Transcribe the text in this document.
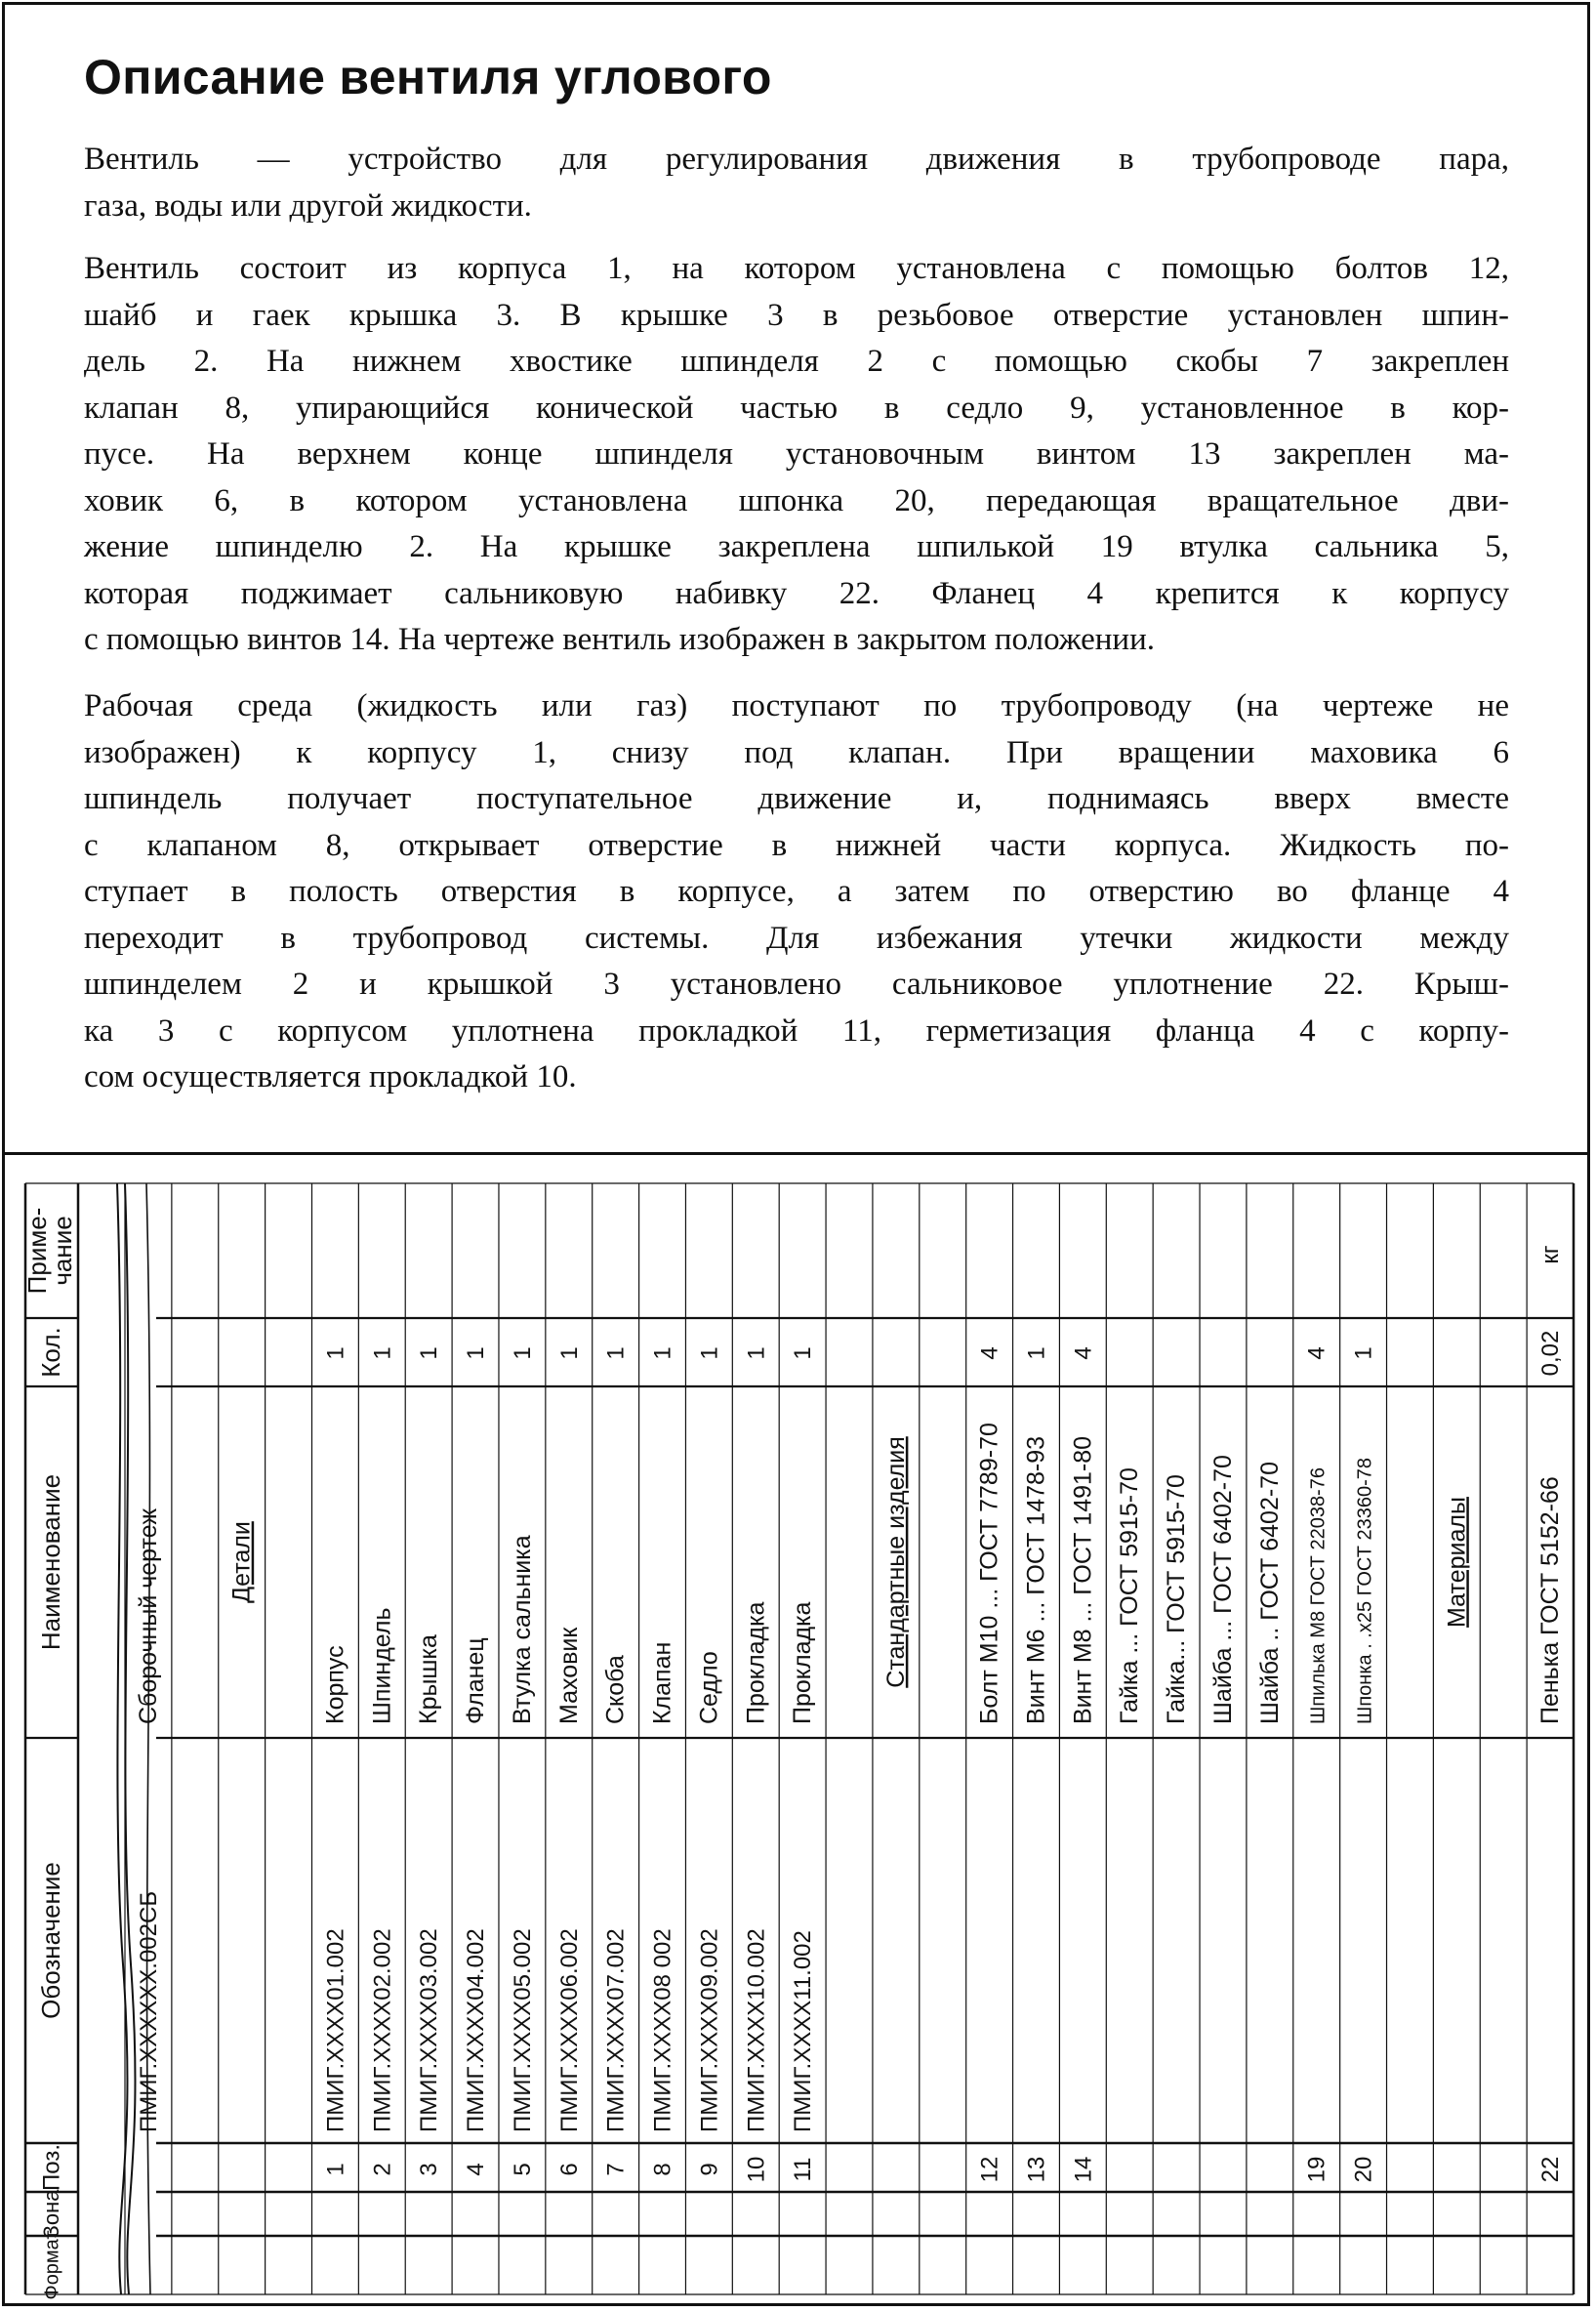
Описание вентиля углового
Вентиль — устройство для регулирования движения в трубопроводе пара,
газа, воды или другой жидкости.
Вентиль состоит из корпуса 1, на котором установлена с помощью болтов 12,
шайб и гаек крышка 3. В крышке 3 в резьбовое отверстие установлен шпин-
дель 2. На нижнем хвостике шпинделя 2 с помощью скобы 7 закреплен
клапан 8, упирающийся конической частью в седло 9, установленное в кор-
пусе. На верхнем конце шпинделя установочным винтом 13 закреплен ма-
ховик 6, в котором установлена шпонка 20, передающая вращательное дви-
жение шпинделю 2. На крышке закреплена шпилькой 19 втулка сальника 5,
которая поджимает сальниковую набивку 22. Фланец 4 крепится к корпусу
с помощью винтов 14. На чертеже вентиль изображен в закрытом положении.
Рабочая среда (жидкость или газ) поступают по трубопроводу (на чертеже не
изображен) к корпусу 1, снизу под клапан. При вращении маховика 6
шпиндель получает поступательное движение и, поднимаясь вверх вместе
с клапаном 8, открывает отверстие в нижней части корпуса. Жидкость по-
ступает в полость отверстия в корпусе, а затем по отверстию во фланце 4
переходит в трубопровод системы. Для избежания утечки жидкости между
шпинделем 2 и крышкой 3 установлено сальниковое уплотнение 22. Крыш-
ка 3 с корпусом уплотнена прокладкой 11, герметизация фланца 4 с корпу-
сом осуществляется прокладкой 10.
Приме-
чание
Кол.
Наименование
Обозначение
Поз.
Зона
Формат
Сборочный чертеж
ПМИГ.XXXXXX.002СБ
Детали
Корпус
ПМИГ.XXXX01.002
1
1
Шпиндель
ПМИГ.XXXX02.002
1
2
Крышка
ПМИГ.XXXX03.002
1
3
Фланец
ПМИГ.XXXX04.002
1
4
Втулка сальника
ПМИГ.XXXX05.002
1
5
Маховик
ПМИГ.XXXX06.002
1
6
Скоба
ПМИГ.XXXX07.002
1
7
Клапан
ПМИГ.XXXX08 002
1
8
Седло
ПМИГ.XXXX09.002
1
9
Прокладка
ПМИГ.XXXX10.002
1
10
Прокладка
ПМИГ.XXXX11.002
1
11
Стандартные изделия	Болт М10 ... ГОСТ 7789-70
4
12
Винт М6 ... ГОСТ 1478-93
1
13
Винт М8 ... ГОСТ 1491-80
4
14
Гайка ... ГОСТ 5915-70 Гайка... ГОСТ 5915-70 Шайба ... ГОСТ 6402-70 Шайба .. ГОСТ 6402-70 Шпилька М8 ГОСТ 22038-76
4
19
Шпонка . .х25 ГОСТ 23360-78
1
20
Материалы	Пенька ГОСТ 5152-66
0,02
кг
22
